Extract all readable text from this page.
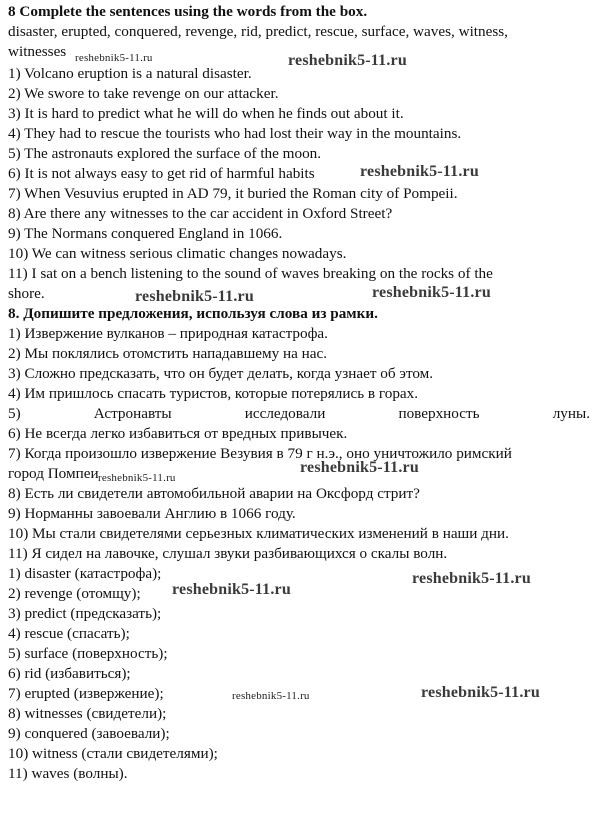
8 Complete the sentences using the words from the box.
disaster, erupted, conquered, revenge, rid, predict, rescue, surface, waves, witness,
witnesses
1) Volcano eruption is a natural disaster.
2) We swore to take revenge on our attacker.
3) It is hard to predict what he will do when he finds out about it.
4) They had to rescue the tourists who had lost their way in the mountains.
5) The astronauts explored the surface of the moon.
6) It is not always easy to get rid of harmful habits
7) When Vesuvius erupted in AD 79, it buried the Roman city of Pompeii.
8) Are there any witnesses to the car accident in Oxford Street?
9) The Normans conquered England in 1066.
10) We can witness serious climatic changes nowadays.
11) I sat on a bench listening to the sound of waves breaking on the rocks of the
shore.
8. Допишите предложения, используя слова из рамки.
1) Извержение вулканов – природная катастрофа.
2) Мы поклялись отомстить нападавшему на нас.
3) Сложно предсказать, что он будет делать, когда узнает об этом.
4) Им пришлось спасать туристов, которые потерялись в горах.
5)	Астронавты	исследовали	поверхность	луны.
6) Не всегда легко избавиться от вредных привычек.
7) Когда произошло извержение Везувия в 79 г н.э., оно уничтожило римский
город Помпеи
8) Есть ли свидетели автомобильной аварии на Оксфорд стрит?
9) Норманны завоевали Англию в 1066 году.
10) Мы стали свидетелями серьезных климатических изменений в наши дни.
11) Я сидел на лавочке, слушал звуки разбивающихся о скалы волн.
1) disaster (катастрофа);
2) revenge (отомщу);
3) predict (предсказать);
4) rescue (спасать);
5) surface (поверхность);
6) rid (избавиться);
7) erupted (извержение);
8) witnesses (свидетели);
9) conquered (завоевали);
10) witness (стали свидетелями);
11) waves (волны).
reshebnik5-11.ru	reshebnik5-11.ru
reshebnik5-11.ru
reshebnik5-11.ru	reshebnik5-11.ru
reshebnik5-11.ru
reshebnik5-11.ru
reshebnik5-11.ru
reshebnik5-11.ru
reshebnik5-11.ru	reshebnik5-11.ru
